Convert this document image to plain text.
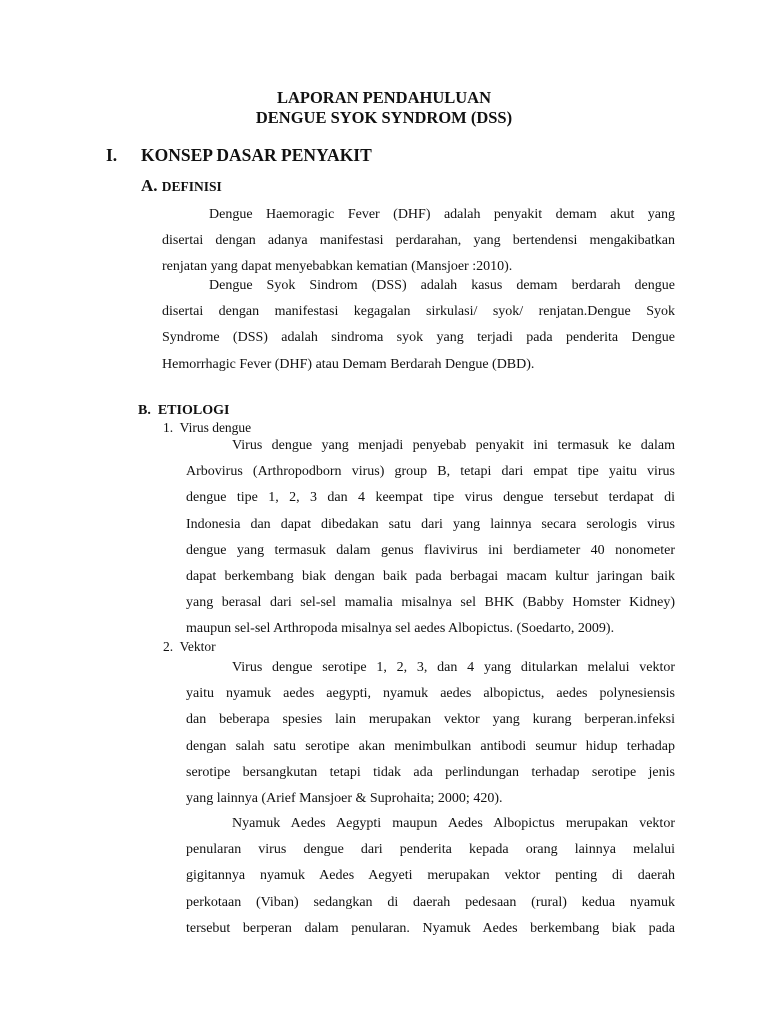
LAPORAN PENDAHULUAN
DENGUE SYOK SYNDROM (DSS)
I. KONSEP DASAR PENYAKIT
A. DEFINISI
Dengue Haemoragic Fever (DHF) adalah penyakit demam akut yang
disertai dengan adanya manifestasi perdarahan, yang bertendensi mengakibatkan
renjatan yang dapat menyebabkan kematian (Mansjoer :2010).
Dengue Syok Sindrom (DSS) adalah kasus demam berdarah dengue
disertai dengan manifestasi kegagalan sirkulasi/ syok/ renjatan.Dengue Syok
Syndrome (DSS) adalah sindroma syok yang terjadi pada penderita Dengue
Hemorrhagic Fever (DHF) atau Demam Berdarah Dengue (DBD).
B.  ETIOLOGI
1.  Virus dengue
Virus dengue yang menjadi penyebab penyakit ini termasuk ke dalam
Arbovirus (Arthropodborn virus) group B, tetapi dari empat tipe yaitu virus
dengue tipe 1, 2, 3 dan 4 keempat tipe virus dengue tersebut terdapat di
Indonesia dan dapat dibedakan satu dari yang lainnya secara serologis virus
dengue yang termasuk dalam genus flavivirus ini berdiameter 40 nonometer
dapat berkembang biak dengan baik pada berbagai macam kultur jaringan baik
yang berasal dari sel-sel mamalia misalnya sel BHK (Babby Homster Kidney)
maupun sel-sel Arthropoda misalnya sel aedes Albopictus. (Soedarto, 2009).
2.  Vektor
Virus dengue serotipe 1, 2, 3, dan 4 yang ditularkan melalui vektor
yaitu nyamuk aedes aegypti, nyamuk aedes albopictus, aedes polynesiensis
dan beberapa spesies lain merupakan vektor yang kurang berperan.infeksi
dengan salah satu serotipe akan menimbulkan antibodi seumur hidup terhadap
serotipe bersangkutan tetapi tidak ada perlindungan terhadap serotipe jenis
yang lainnya (Arief Mansjoer & Suprohaita; 2000; 420).
Nyamuk Aedes Aegypti maupun Aedes Albopictus merupakan vektor
penularan virus dengue dari penderita kepada orang lainnya melalui
gigitannya nyamuk Aedes Aegyeti merupakan vektor penting di daerah
perkotaan (Viban) sedangkan di daerah pedesaan (rural) kedua nyamuk
tersebut berperan dalam penularan. Nyamuk Aedes berkembang biak pada
